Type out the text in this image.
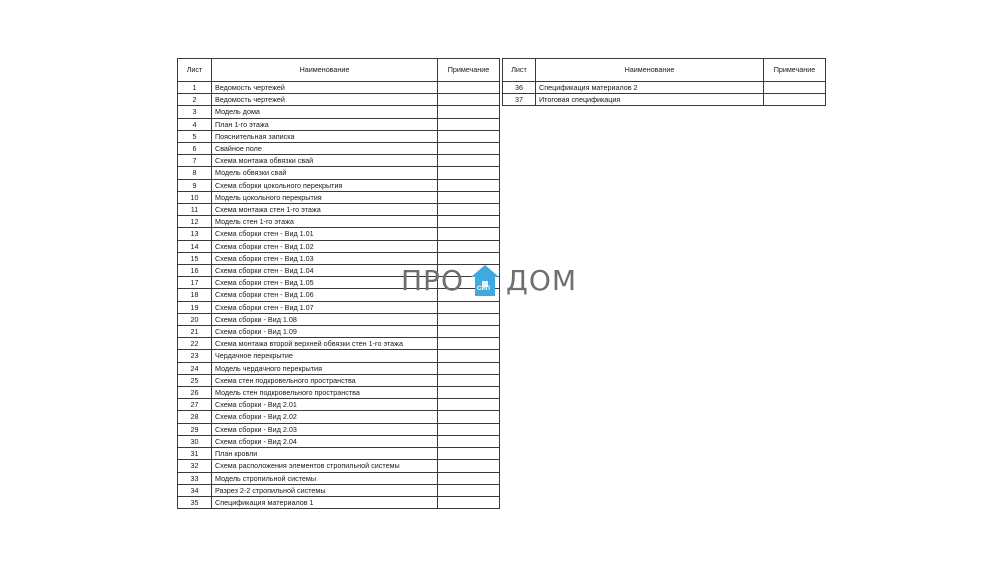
Лист	Наименование	Примечание
1	Ведомость чертежей	
2	Ведомость чертежей	
3	Модель дома	
4	План 1-го этажа	
5	Пояснительная записка	
6	Свайное поле	
7	Схема монтажа обвязки свай	
8	Модель обвязки свай	
9	Схема сборки цокольного перекрытия	
10	Модель цокольного перекрытия	
11	Схема монтажа стен 1-го этажа	
12	Модель стен 1-го этажа	
13	Схема сборки стен - Вид 1.01	
14	Схема сборки стен - Вид 1.02	
15	Схема сборки стен - Вид 1.03	
16	Схема сборки стен - Вид 1.04	
17	Схема сборки стен - Вид 1.05	
18	Схема сборки стен - Вид 1.06	
19	Схема сборки стен - Вид 1.07	
20	Схема сборки - Вид 1.08	
21	Схема сборки - Вид 1.09	
22	Схема монтажа второй верхней обвязки стен 1-го этажа	
23	Чердачное перекрытие	
24	Модель чердачного перекрытия	
25	Схема стен подкровельного пространства	
26	Модель стен подкровельного пространства	
27	Схема сборки - Вид 2.01	
28	Схема сборки - Вид 2.02	
29	Схема сборки - Вид 2.03	
30	Схема сборки - Вид 2.04	
31	План кровли	
32	Схема расположения элементов стропильной системы	
33	Модель стропильной системы	
34	Разрез 2-2 стропильной системы	
35	Спецификация материалов 1	
Лист	Наименование	Примечание
36	Спецификация материалов 2	
37	Итоговая спецификация	
ПРО СИП ДОМ
